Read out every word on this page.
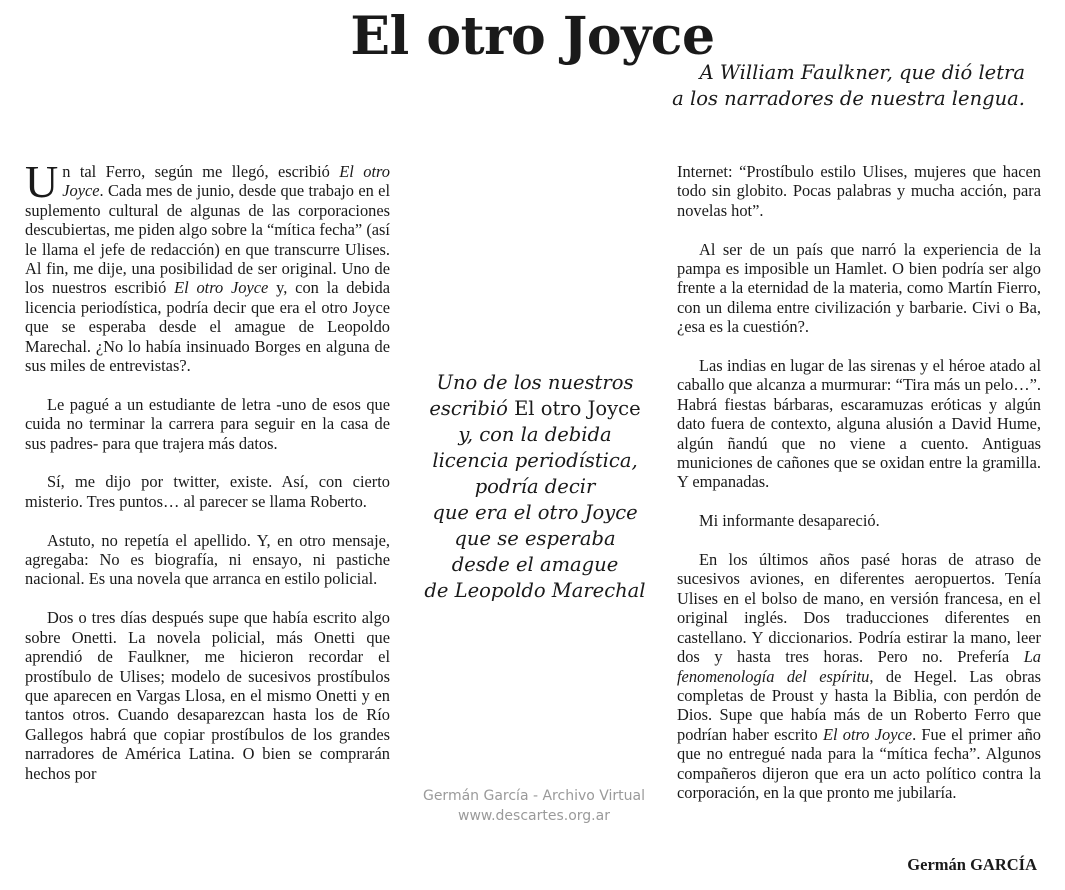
El otro Joyce
A William Faulkner, que dió letra
a los narradores de nuestra lengua.

Un tal Ferro, según me llegó, escribió El otro Joyce. Cada mes de junio, desde que trabajo en el suplemento cultural de algunas de las corporaciones descubiertas, me piden algo sobre la “mítica fecha” (así le llama el jefe de redacción) en que transcurre Ulises. Al fin, me dije, una posibilidad de ser original. Uno de los nuestros escribió El otro Joyce y, con la debida licencia periodística, podría decir que era el otro Joyce que se esperaba desde el amague de Leopoldo Marechal. ¿No lo había insinuado Borges en alguna de sus miles de entrevistas?.

Le pagué a un estudiante de letra -uno de esos que cuida no terminar la carrera para seguir en la casa de sus padres- para que trajera más datos.

Sí, me dijo por twitter, existe. Así, con cierto misterio. Tres puntos… al parecer se llama Roberto.

Astuto, no repetía el apellido. Y, en otro mensaje, agregaba: No es biografía, ni ensayo, ni pastiche nacional. Es una novela que arranca en estilo policial.

Dos o tres días después supe que había escrito algo sobre Onetti. La novela policial, más Onetti que aprendió de Faulkner, me hicieron recordar el prostíbulo de Ulises; modelo de sucesivos prostíbulos que aparecen en Vargas Llosa, en el mismo Onetti y en tantos otros. Cuando desaparezcan hasta los de Río Gallegos habrá que copiar prostíbulos de los grandes narradores de América Latina. O bien se comprarán hechos por

Uno de los nuestros
escribió El otro Joyce
y, con la debida
licencia periodística,
podría decir
que era el otro Joyce
que se esperaba
desde el amague
de Leopoldo Marechal

Internet: “Prostíbulo estilo Ulises, mujeres que hacen todo sin globito. Pocas palabras y mucha acción, para novelas hot”.

Al ser de un país que narró la experiencia de la pampa es imposible un Hamlet. O bien podría ser algo frente a la eternidad de la materia, como Martín Fierro, con un dilema entre civilización y barbarie. Civi o Ba, ¿esa es la cuestión?.

Las indias en lugar de las sirenas y el héroe atado al caballo que alcanza a murmurar: “Tira más un pelo…”. Habrá fiestas bárbaras, escaramuzas eróticas y algún dato fuera de contexto, alguna alusión a David Hume, algún ñandú que no viene a cuento. Antiguas municiones de cañones que se oxidan entre la gramilla. Y empanadas.

Mi informante desapareció.

En los últimos años pasé horas de atraso de sucesivos aviones, en diferentes aeropuertos. Tenía Ulises en el bolso de mano, en versión francesa, en el original inglés. Dos traducciones diferentes en castellano. Y diccionarios. Podría estirar la mano, leer dos y hasta tres horas. Pero no. Prefería La fenomenología del espíritu, de Hegel. Las obras completas de Proust y hasta la Biblia, con perdón de Dios. Supe que había más de un Roberto Ferro que podrían haber escrito El otro Joyce. Fue el primer año que no entregué nada para la “mítica fecha”. Algunos compañeros dijeron que era un acto político contra la corporación, en la que pronto me jubilaría.

Germán García - Archivo Virtual
www.descartes.org.ar
Germán GARCÍA
